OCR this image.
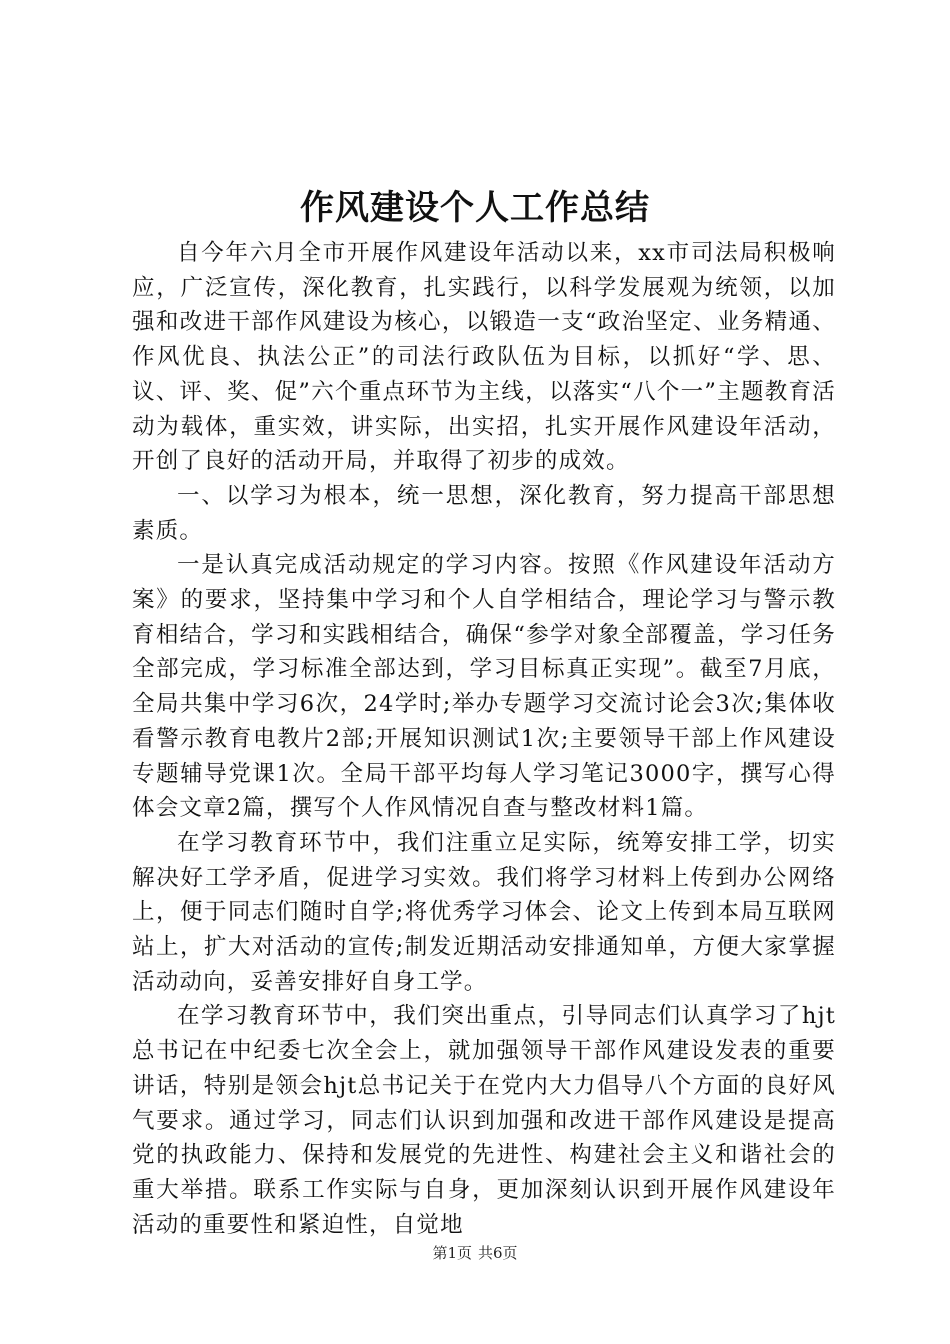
作风建设个人工作总结

自今年六月全市开展作风建设年活动以来，xx市司法局积极响应，广泛宣传，深化教育，扎实践行，以科学发展观为统领，以加强和改进干部作风建设为核心，以锻造一支“政治坚定、业务精通、作风优良、执法公正”的司法行政队伍为目标，以抓好“学、思、议、评、奖、促”六个重点环节为主线，以落实“八个一”主题教育活动为载体，重实效，讲实际，出实招，扎实开展作风建设年活动，开创了良好的活动开局，并取得了初步的成效。

一、以学习为根本，统一思想，深化教育，努力提高干部思想素质。

一是认真完成活动规定的学习内容。按照《作风建设年活动方案》的要求，坚持集中学习和个人自学相结合，理论学习与警示教育相结合，学习和实践相结合，确保“参学对象全部覆盖，学习任务全部完成，学习标准全部达到，学习目标真正实现”。截至7月底，全局共集中学习6次，24学时;举办专题学习交流讨论会3次;集体收看警示教育电教片2部;开展知识测试1次;主要领导干部上作风建设专题辅导党课1次。全局干部平均每人学习笔记3000字，撰写心得体会文章2篇，撰写个人作风情况自查与整改材料1篇。

在学习教育环节中，我们注重立足实际，统筹安排工学，切实解决好工学矛盾，促进学习实效。我们将学习材料上传到办公网络上，便于同志们随时自学;将优秀学习体会、论文上传到本局互联网站上，扩大对活动的宣传;制发近期活动安排通知单，方便大家掌握活动动向，妥善安排好自身工学。

在学习教育环节中，我们突出重点，引导同志们认真学习了hjt总书记在中纪委七次全会上，就加强领导干部作风建设发表的重要讲话，特别是领会hjt总书记关于在党内大力倡导八个方面的良好风气要求。通过学习，同志们认识到加强和改进干部作风建设是提高党的执政能力、保持和发展党的先进性、构建社会主义和谐社会的重大举措。联系工作实际与自身，更加深刻认识到开展作风建设年活动的重要性和紧迫性，自觉地

第1页 共6页
